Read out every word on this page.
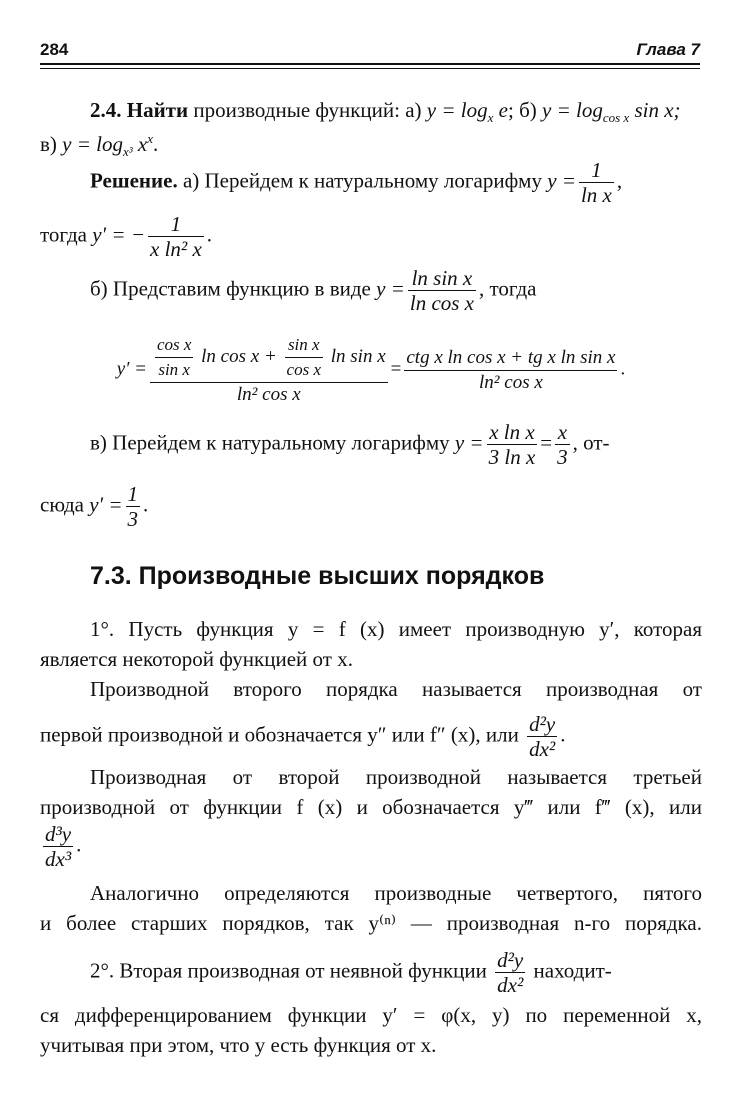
284	Глава 7
2.4. Найти производные функций: а) $y = \log_x e$; б) $y = \log_{cos x} \sin x$;
в) $y = \log_{x^3} x^x$.
Решение. а) Перейдем к натуральному логарифму $y = \frac{1}{\text{ln x}}$ ,
тогда y′ = − $\frac{1}{\text{x ln² x}}$ .
б) Представим функцию в виде $y = \frac{\text{ln sin x}}{\text{ln cos x}}$ , тогда
$y' = \frac{\frac{\text{cos x}}{\text{sin x}} \ln \cos x + \frac{\text{sin x}}{\text{cos x}} \ln \sin x}{\text{ln² cos x}}$ =
ctg x ln cos x + tg x ln sin x
ln² cos x
.
в) Перейдем к натуральному логарифму $y = \frac{\text{x ln x}}{\text{3 ln x}} = \frac{x}{3}$ , от-
сюда $y' = \frac{1}{3}$ .
7.3. Производные высших порядков
1°. Пусть функция y = f (x) имеет производную y′, которая
является некоторой функцией от x.
Производной второго порядка называется производная от
первой производной и обозначается y″ или f″ (x), или $\frac{\text{d²y}}{\text{dx²}}$ .
Производная от второй производной называется третьей
производной от функции f (x) и обозначается y‴ или f‴ (x), или
$\frac{\text{d³y}}{\text{dx³}}$ .
Аналогично определяются производные четвертого, пятого
и более старших порядков, так y⁽ⁿ⁾ — производная n-го порядка.
2°. Вторая производная от неявной функции $\frac{\text{d²y}}{\text{dx²}}$ находит-
ся дифференцированием функции y′ = φ(x, y) по переменной x,
учитывая при этом, что y есть функция от x.
